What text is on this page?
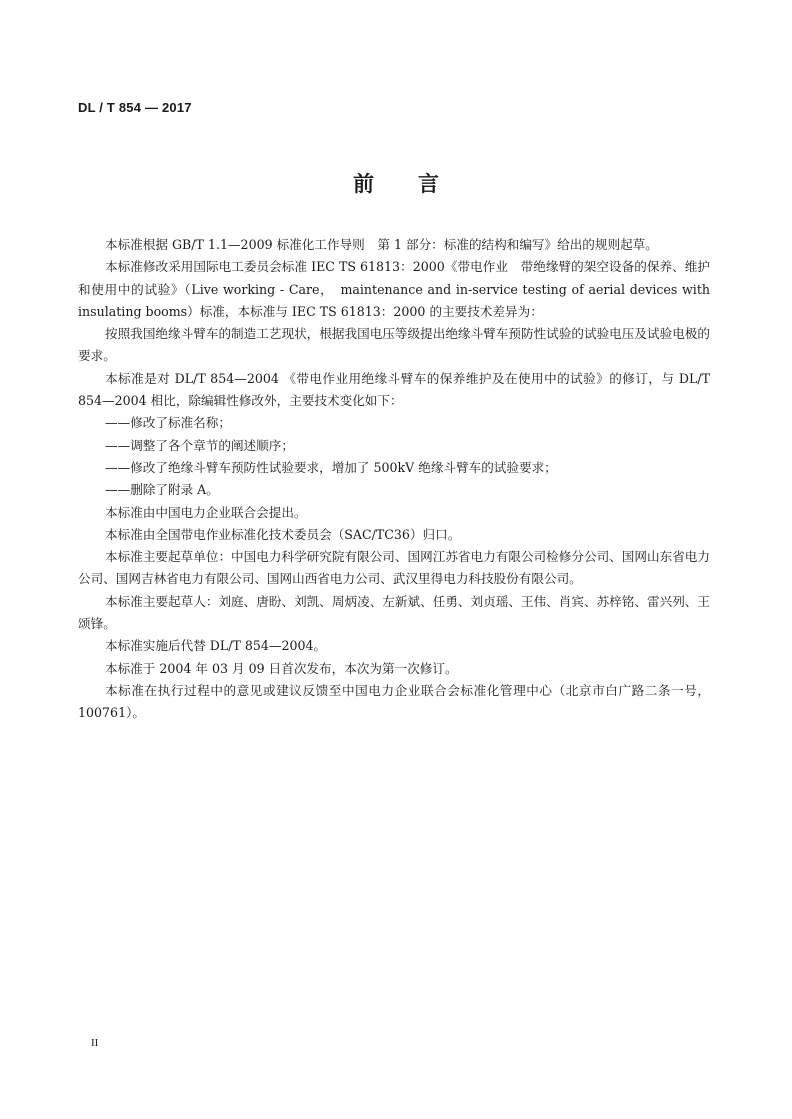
DL / T 854 — 2017
前言

本标准根据 GB/T 1.1—2009 标准化工作导则　第 1 部分：标准的结构和编写》给出的规则起草。

本标准修改采用国际电工委员会标准 IEC TS 61813：2000《带电作业　带绝缘臂的架空设备的保养、维护和使用中的试验》（Live working - Care，　maintenance and in-service testing of aerial devices with insulating booms）标准，本标准与 IEC TS 61813：2000 的主要技术差异为：

按照我国绝缘斗臂车的制造工艺现状，根据我国电压等级提出绝缘斗臂车预防性试验的试验电压及试验电极的要求。

本标准是对 DL/T 854—2004 《带电作业用绝缘斗臂车的保养维护及在使用中的试验》的修订，与 DL/T 854—2004 相比，除编辑性修改外，主要技术变化如下：

——修改了标准名称；

——调整了各个章节的阐述顺序；

——修改了绝缘斗臂车预防性试验要求，增加了 500kV 绝缘斗臂车的试验要求；

——删除了附录 A。

本标准由中国电力企业联合会提出。

本标准由全国带电作业标准化技术委员会（SAC/TC36）归口。

本标准主要起草单位：中国电力科学研究院有限公司、国网江苏省电力有限公司检修分公司、国网山东省电力公司、国网吉林省电力有限公司、国网山西省电力公司、武汉里得电力科技股份有限公司。

本标准主要起草人：刘庭、唐盼、刘凯、周炳凌、左新斌、任勇、刘贞瑶、王伟、肖宾、苏梓铭、雷兴列、王颂锋。

本标准实施后代替 DL/T 854—2004。

本标准于 2004 年 03 月 09 日首次发布，本次为第一次修订。

本标准在执行过程中的意见或建议反馈至中国电力企业联合会标准化管理中心（北京市白广路二条一号，100761）。

II
